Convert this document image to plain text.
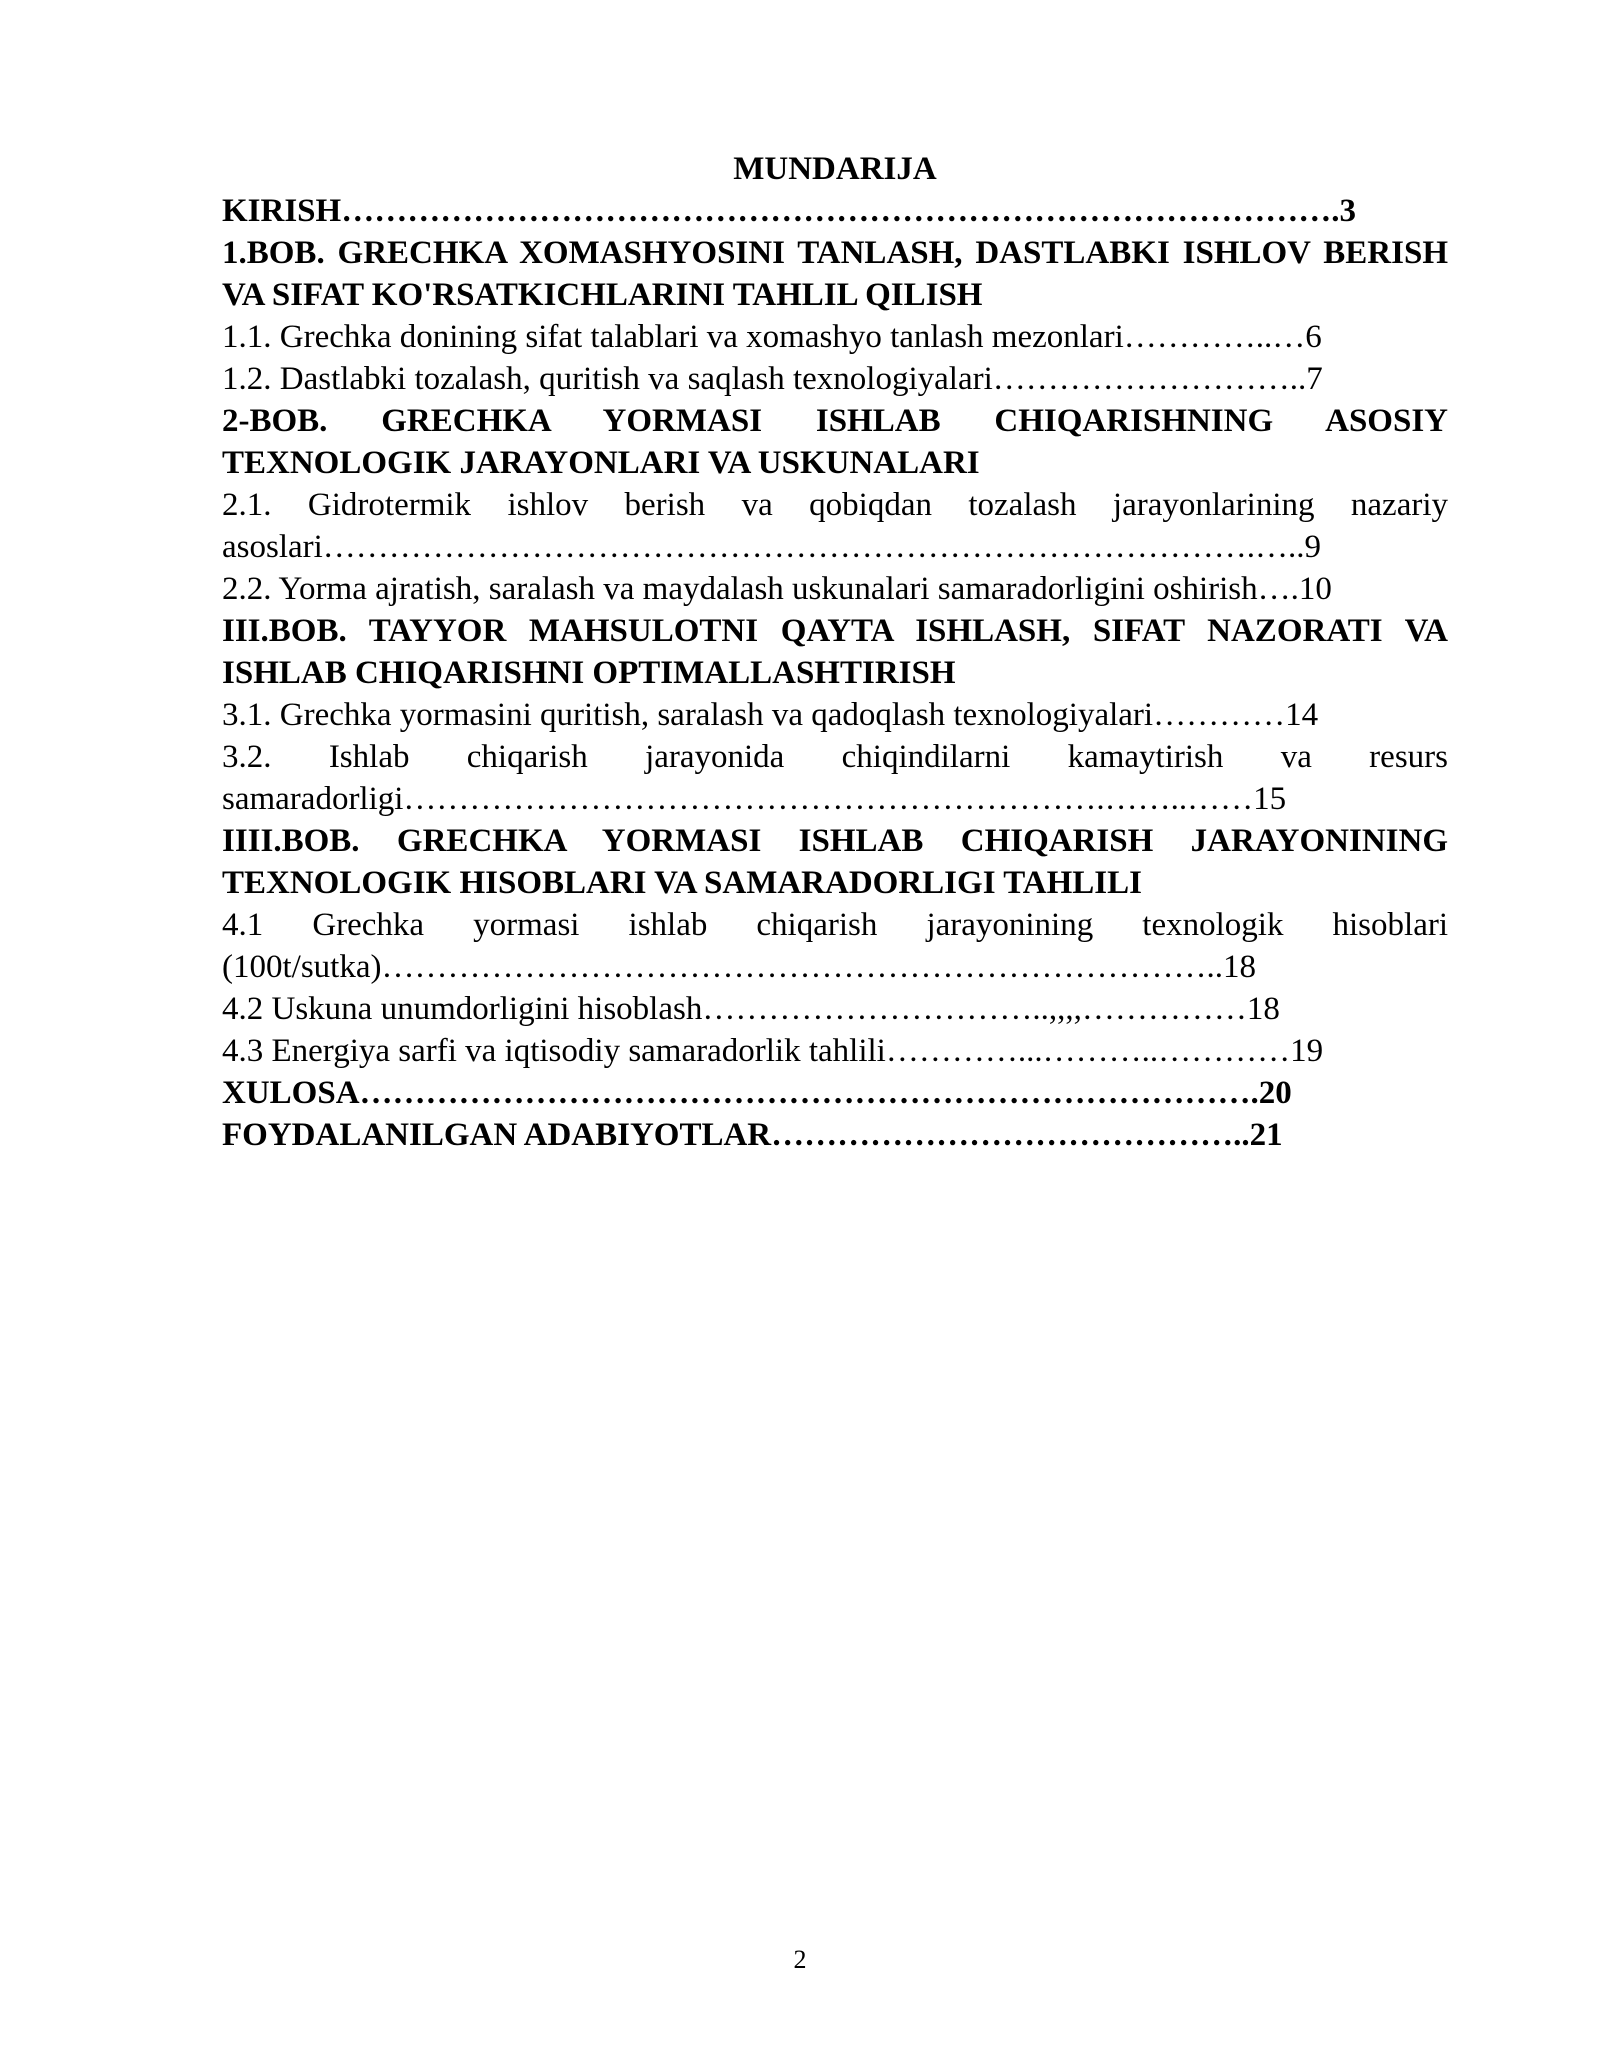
MUNDARIJA

KIRISH……………………………………………………………………………….3

1.BOB. GRECHKA XOMASHYOSINI TANLASH, DASTLABKI ISHLOV BERISH VA SIFAT KO'RSATKICHLARINI TAHLIL QILISH

1.1. Grechka donining sifat talablari va xomashyo tanlash mezonlari…………..…6

1.2. Dastlabki tozalash, quritish va saqlash texnologiyalari………………………..7

2-BOB. GRECHKA YORMASI ISHLAB CHIQARISHNING ASOSIY TEXNOLOGIK JARAYONLARI VA USKUNALARI

2.1. Gidrotermik ishlov berish va qobiqdan tozalash jarayonlarining nazariy asoslari………………………………………………………………………….…..9

2.2. Yorma ajratish, saralash va maydalash uskunalari samaradorligini oshirish….10

III.BOB. TAYYOR MAHSULOTNI QAYTA ISHLASH, SIFAT NAZORATI VA ISHLAB CHIQARISHNI OPTIMALLASHTIRISH

3.1. Grechka yormasini quritish, saralash va qadoqlash texnologiyalari…………14

3.2. Ishlab chiqarish jarayonida chiqindilarni kamaytirish va resurs samaradorligi……………………………………………………….……..……15

IIII.BOB. GRECHKA YORMASI ISHLAB CHIQARISH JARAYONINING TEXNOLOGIK HISOBLARI VA SAMARADORLIGI TAHLILI

4.1 Grechka yormasi ishlab chiqarish jarayonining texnologik hisoblari (100t/sutka)…………………………………………………………………..18

4.2 Uskuna unumdorligini hisoblash…………………………..,,,,……………18

4.3 Energiya sarfi va iqtisodiy samaradorlik tahlili…………...………..…………19

XULOSA……………………………………………………………………….20

FOYDALANILGAN ADABIYOTLAR……………………………………..21

2
